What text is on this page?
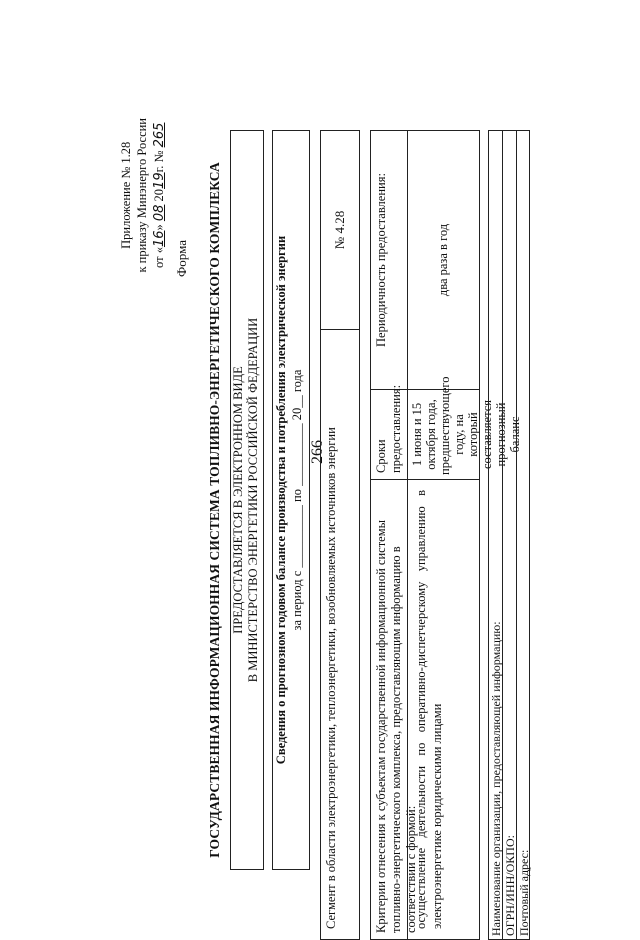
266
Приложение № 1.28 к приказу Минэнерго России от «16» 08 2019г. № 265
Форма ГОСУДАРСТВЕННАЯ ИНФОРМАЦИОННАЯ СИСТЕМА ТОПЛИВНО-ЭНЕРГЕТИЧЕСКОГО КОМПЛЕКСА ПРЕДОСТАВЛЯЕТСЯ В ЭЛЕКТРОННОМ ВИДЕ В МИНИСТЕРСТВО ЭНЕРГЕТИКИ РОССИЙСКОЙ ФЕДЕРАЦИИ Сведения о прогнозном годовом балансе производства и потребления электрической энергии за период с __________ по __________ 20__ года Сегмент в области электроэнергетики, теплоэнергетики, возобновляемых источников энергии
№ 4.28
Критерии отнесения к субъектам государственной информационной системы топливно-энергетического комплекса, предоставляющим информацию в соответствии с формой:
Сроки предоставления:
Периодичность предоставления:
осуществление деятельности по оперативно-диспетчерскому управлению в электроэнергетике юридическими лицами
1 июня и 15 октября года, предшествующего году, на который составляется прогнозный баланс
два раза в год
Наименование организации, предоставляющей информацию: ОГРН/ИНН/ОКПО: Почтовый адрес:
